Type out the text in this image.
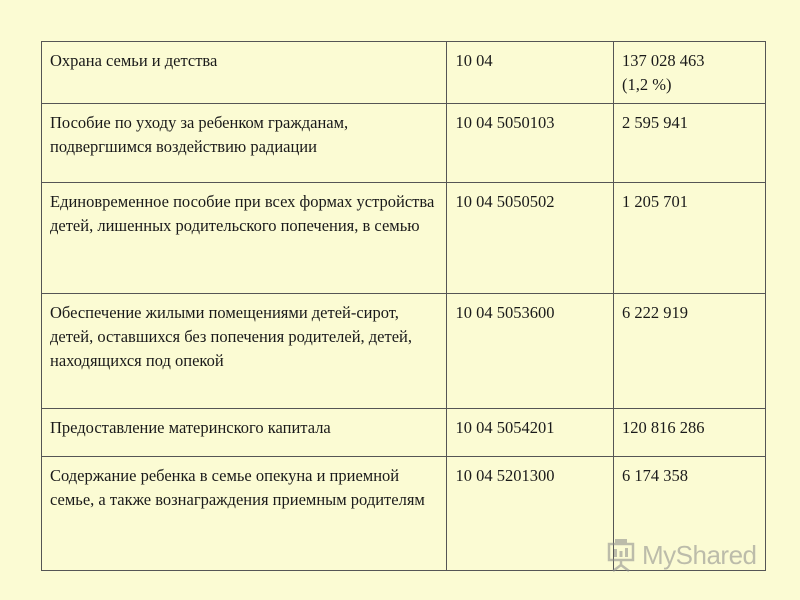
Охрана семьи и детства	10 04	137 028 463
(1,2 %)

Пособие по уходу за ребенком гражданам, подвергшимся воздействию радиации	10 04 5050103	2 595 941
Единовременное пособие при всех формах устройства детей, лишенных родительского попечения, в семью	10 04 5050502	1 205 701
Обеспечение жилыми помещениями детей-сирот, детей, оставшихся без попечения родителей, детей, находящихся под опекой	10 04 5053600	6 222 919
Предоставление материнского капитала	10 04 5054201	120 816 286
Содержание ребенка в семье опекуна и приемной семье, а также вознаграждения приемным родителям	10 04 5201300	6 174 358
MyShared
